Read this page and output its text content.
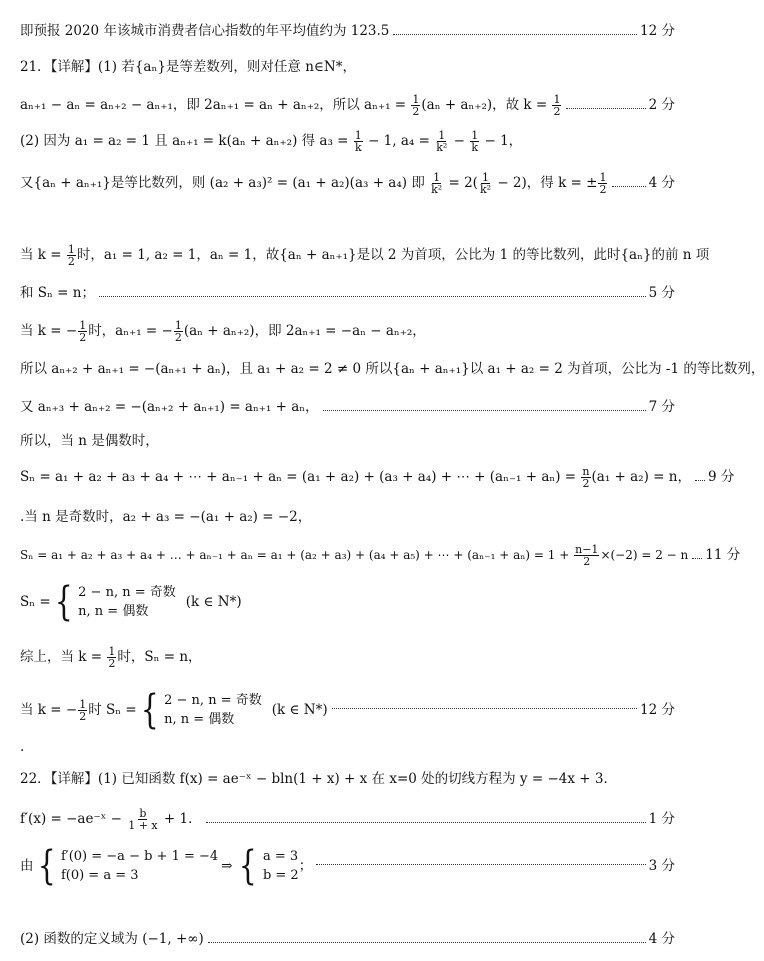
即预报 2020 年该城市消费者信心指数的年平均值约为 123.5	12 分
21．【详解】(1) 若{aₙ}是等差数列，则对任意 n∈N*，
aₙ₊₁ − aₙ = aₙ₊₂ − aₙ₊₁，即 2aₙ₊₁ = aₙ + aₙ₊₂，所以 $a_{n+1} = \frac{1}{2} (a_n + a_{n+2})$，故 $k = \frac{1}{2}$	2 分
(2) 因为 a₁ = a₂ = 1 且 aₙ₊₁ = k(aₙ + aₙ₊₂) 得 $a_3 = \frac{1}{k} - 1$, $a_4 = \frac{1}{\text{k²}} - \frac{1}{k} - 1$，
又{aₙ + aₙ₊₁}是等比数列，则 (a₂ + a₃)² = (a₁ + a₂)(a₃ + a₄) 即 $\frac{1}{\text{k²}} = 2( \frac{1}{\text{k²}} - 2)$，得 k = ± $\frac{1}{2}$	4 分
当 $k = \frac{1}{2}$ 时，a₁ = 1, a₂ = 1，aₙ = 1，故{aₙ + aₙ₊₁}是以 2 为首项，公比为 1 的等比数列，此时{aₙ}的前 n 项
和 Sₙ = n；	5 分
当 k = − $\frac{1}{2}$ 时，aₙ₊₁ = − $\frac{1}{2} (a_n + a_{n+2})$，即 2aₙ₊₁ = −aₙ − aₙ₊₂，
所以 aₙ₊₂ + aₙ₊₁ = −(aₙ₊₁ + aₙ)，且 a₁ + a₂ = 2 ≠ 0 所以{aₙ + aₙ₊₁}以 a₁ + a₂ = 2 为首项，公比为 -1 的等比数列，
又 aₙ₊₃ + aₙ₊₂ = −(aₙ₊₂ + aₙ₊₁) = aₙ₊₁ + aₙ，	7 分
所以，当 n 是偶数时，
Sₙ = a₁ + a₂ + a₃ + a₄ + ⋯ + aₙ₋₁ + aₙ = (a₁ + a₂) + (a₃ + a₄) + ⋯ + $(a_{n-1} + a_n) = \frac{n}{2} (a_1 + a_2) = n$， 9 分
.当 n 是奇数时，a₂ + a₃ = −(a₁ + a₂) = −2，
Sₙ = a₁ + a₂ + a₃ + a₄ + … + aₙ₋₁ + aₙ = a₁ + (a₂ + a₃) + (a₄ + a₅) + ⋯ + $(a_{n-1} + a_n) = 1 + \frac{n-1}{2} \times(-2) = 2 - n$ 11 分
Sₙ = { 2 − n, n = 奇数
n, n = 偶数
(k ∈ N*)
综上，当 $k = \frac{1}{2}$ 时，Sₙ = n，
当 k = − $\frac{1}{2}$ 时 Sₙ = { 2 − n, n = 奇数
n, n = 偶数
(k ∈ N*)	12 分
.
22．【详解】(1) 已知函数 f(x) = ae⁻ˣ − bln(1 + x) + x 在 x=0 处的切线方程为 y = −4x + 3．
f′(x) = −ae⁻ˣ − $\frac{b}{1 + x} + 1$．	1 分
由 { f′(0) = −a − b + 1 = −4
f(0) = a = 3
⇒ { a = 3
b = 2
；	3 分
(2) 函数的定义域为 (−1, +∞)	4 分
